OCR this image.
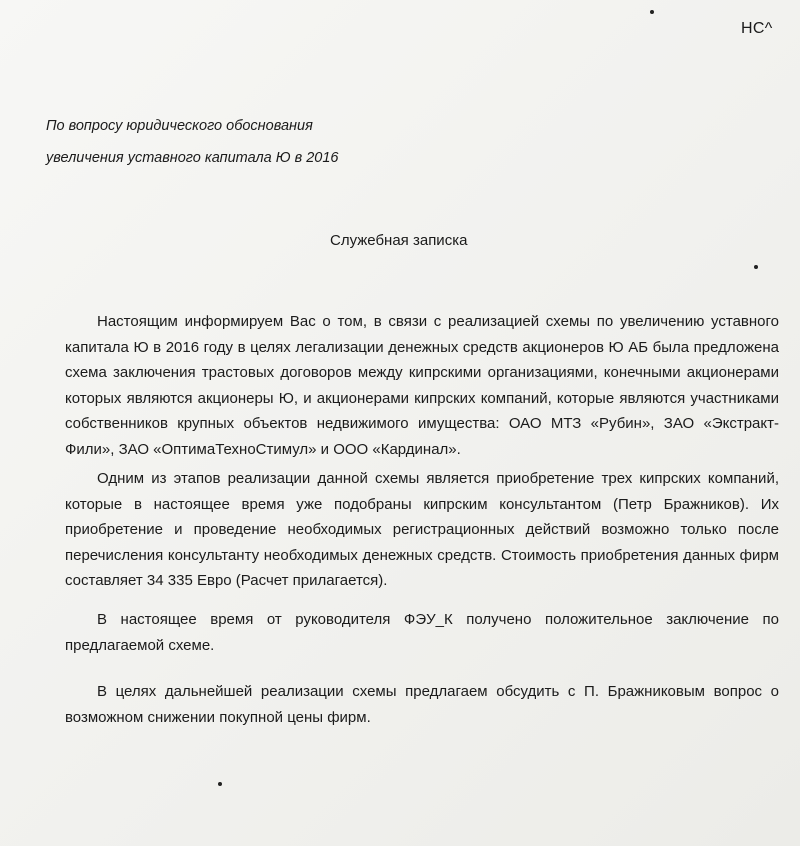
НС^
По вопросу юридического обоснования
увеличения уставного капитала Ю в 2016
Служебная записка

Настоящим информируем Вас о том, в связи с реализацией схемы по увеличению уставного капитала Ю в 2016 году в целях легализации денежных средств акционеров Ю АБ была предложена схема заключения трастовых договоров между кипрскими организациями, конечными акционерами которых являются акционеры Ю, и акционерами кипрских компаний, которые являются участниками собственников крупных объектов недвижимого имущества: ОАО МТЗ «Рубин», ЗАО «Экстракт-Фили», ЗАО «ОптимаТехноСтимул» и ООО «Кардинал».

Одним из этапов реализации данной схемы является приобретение трех кипрских компаний, которые в настоящее время уже подобраны кипрским консультантом (Петр Бражников). Их приобретение и проведение необходимых регистрационных действий возможно только после перечисления консультанту необходимых денежных средств. Стоимость приобретения данных фирм составляет 34 335 Евро (Расчет прилагается).

В настоящее время от руководителя ФЭУ_К получено положительное заключение по предлагаемой схеме.

В целях дальнейшей реализации схемы предлагаем обсудить с П. Бражниковым вопрос о возможном снижении покупной цены фирм.
